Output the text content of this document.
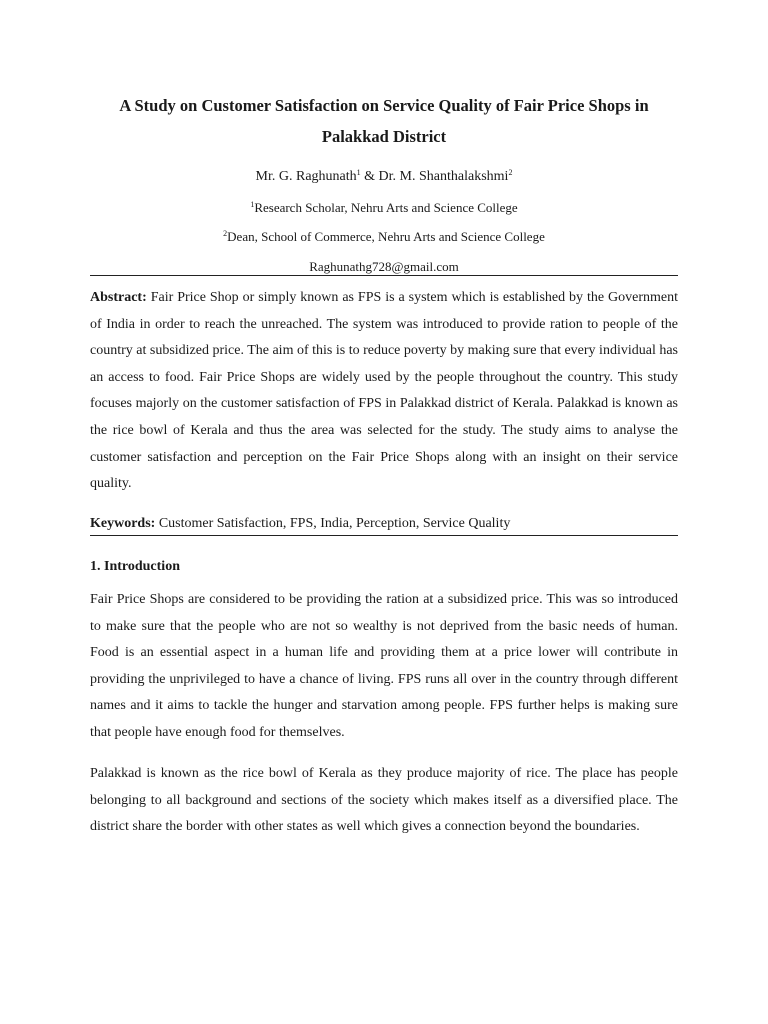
A Study on Customer Satisfaction on Service Quality of Fair Price Shops in Palakkad District

Mr. G. Raghunath$^1$ & Dr. M. Shanthalakshmi$^2$

$^1$Research Scholar, Nehru Arts and Science College

$^2$Dean, School of Commerce, Nehru Arts and Science College

Raghunathg728@gmail.com

Abstract: Fair Price Shop or simply known as FPS is a system which is established by the Government of India in order to reach the unreached. The system was introduced to provide ration to people of the country at subsidized price. The aim of this is to reduce poverty by making sure that every individual has an access to food. Fair Price Shops are widely used by the people throughout the country. This study focuses majorly on the customer satisfaction of FPS in Palakkad district of Kerala. Palakkad is known as the rice bowl of Kerala and thus the area was selected for the study. The study aims to analyse the customer satisfaction and perception on the Fair Price Shops along with an insight on their service quality.

Keywords: Customer Satisfaction, FPS, India, Perception, Service Quality

1. Introduction

Fair Price Shops are considered to be providing the ration at a subsidized price. This was so introduced to make sure that the people who are not so wealthy is not deprived from the basic needs of human. Food is an essential aspect in a human life and providing them at a price lower will contribute in providing the unprivileged to have a chance of living. FPS runs all over in the country through different names and it aims to tackle the hunger and starvation among people. FPS further helps is making sure that people have enough food for themselves.

Palakkad is known as the rice bowl of Kerala as they produce majority of rice. The place has people belonging to all background and sections of the society which makes itself as a diversified place. The district share the border with other states as well which gives a connection beyond the boundaries.
